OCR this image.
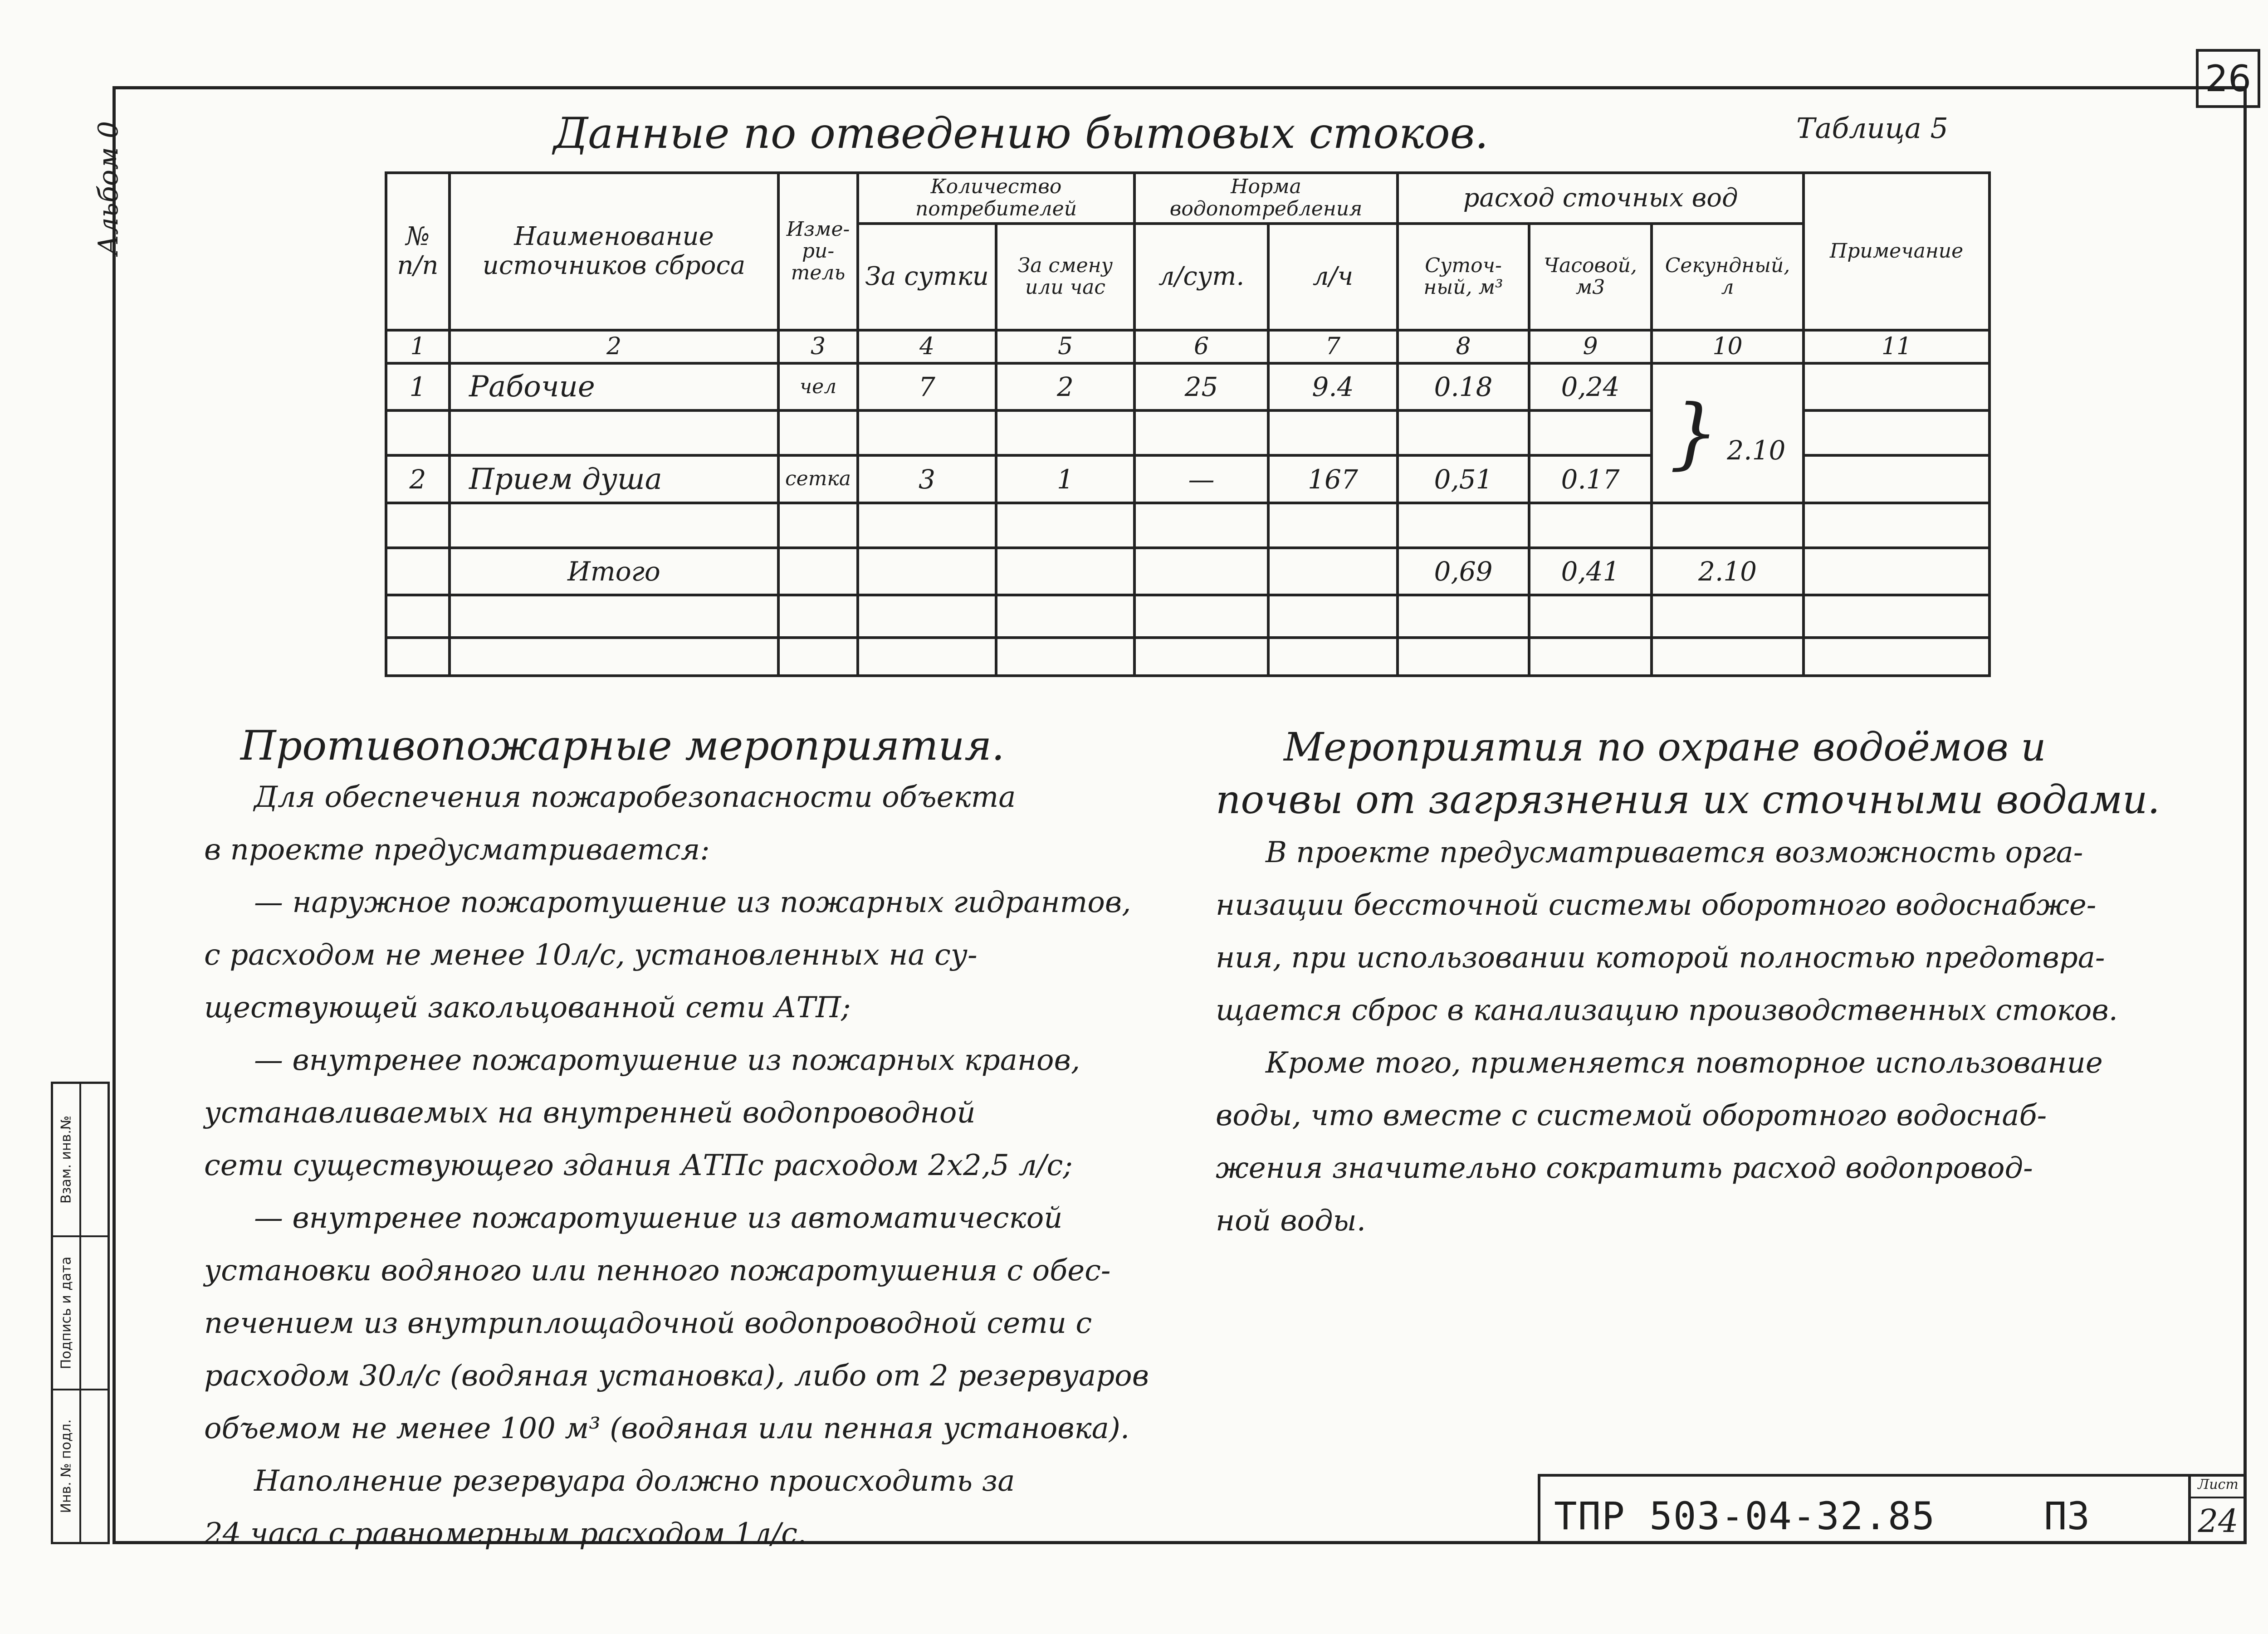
26
Альбом 0
Взам. инв.№
Подпись и дата
Инв. № подл.
Данные по отведению бытовых стоков.	Таблица 5
№ п/п	Наименование источников сброса	Изме-ри-тель	Количество потребителей		Норма водопотребления		расход сточных вод			Примечание
			За сутки	За смену или час	л/сут.	л/ч	Суточ-ный, м³	Часовой, м3	Секундный, л	
1	2	3	4	5	6	7	8	9	10	11
1	Рабочие	чел	7	2	25	9.4	0.18	0,24	} 2.10	

2	Прием душа	сетка	3	1	—	167	0,51	0.17		

	Итого						0,69	0,41	2.10	

Противопожарные мероприятия.

Для обеспечения пожаробезопасности объекта

в проекте предусматривается:

— наружное пожаротушение из пожарных гидрантов,

с расходом не менее 10л/с, установленных на су-

ществующей закольцованной сети АТП;

— внутренее пожаротушение из пожарных кранов,

устанавливаемых на внутренней водопроводной

сети существующего здания АТПс расходом 2х2,5 л/с;

— внутренее пожаротушение из автоматической

установки водяного или пенного пожаротушения с обес-

печением из внутриплощадочной водопроводной сети с

расходом 30л/с (водяная установка), либо от 2 резервуаров

объемом не менее 100 м³ (водяная или пенная установка).

Наполнение резервуара должно происходить за

24 часа с равномерным расходом 1л/с.

Мероприятия по охране водоёмов и
почвы от загрязнения их сточными водами.

В проекте предусматривается возможность орга-

низации бессточной системы оборотного водоснабже-

ния, при использовании которой полностью предотвра-

щается сброс в канализацию производственных стоков.

Кроме того, применяется повторное использование

воды, что вместе с системой оборотного водоснаб-

жения значительно сократить расход водопровод-

ной воды.

ТПР 503-04-32.85	ПЗ
Лист
24
